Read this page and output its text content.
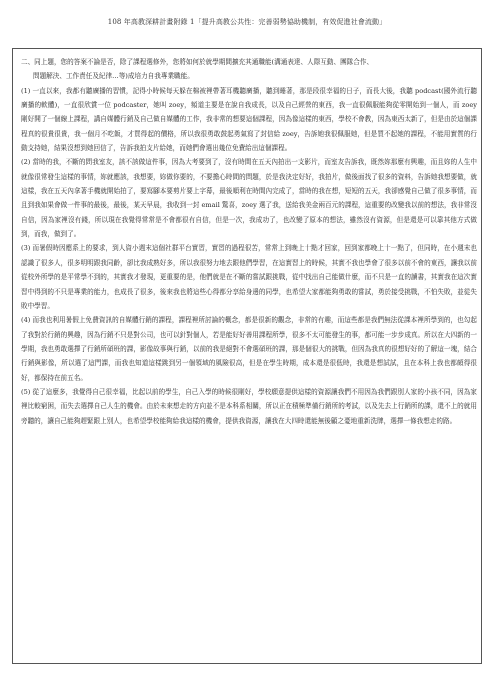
108 年高教深耕計畫附錄 1「提升高教公共性：完善弱勢協助機制，有效促進社會流動」

二、同上題，您的答案不論是否，除了課程選修外，您將如何於就學期間擴充其通職能(溝通表達、人際互動、團隊合作、

問題解決、工作責任及紀律…等)成培力自我專業職能。

(1) 一直以來，我都有聽廣播的習慣，記得小時候每天躲在棉被裡帶著耳機聽廣播，聽到睡著，那是段很幸福的日子，而長大後，我聽 podcast(國外流行聽廣播的軟體)，一直很欣賞一位 podcaster，她叫 zoey，頻道主要是在說自我成長，以及自己經營的東西，我一直很佩服能夠從零開始到一個人，而 zoey 剛好開了一個線上課程，講自媒體行銷及自己做自媒體的工作，我非常的想要這個課程，因為像這樣的東西，學校不會教，因為東西太新了，但是由於這個課程真的很貴很貴，我一個月不吃飯，才買得起的價格，所以我很勇敢鼓起勇氣寫了封信給 zoey，告訴她我很佩服她，但是買不起她的課程，不能用實質的行動支持她，結果沒想到她回信了，告訴我拍支片給她，而她們會選出幾位免費給出這個課程。

(2) 當時的我，不斷的問我室友，該不該做這件事，因為大考要到了，沒有時間在五天內拍出一支影片，而室友告訴我，既然妳那麼有興趣，而且妳的人生中就像很常發生這樣的事情，妳就應該，我想要，妳做你要的，不要擔心時間的問題，於是我決定好好，我拍片，做後面找了很多的資料，告訴她我想要做，就這樣，我在五天內拿著手機就開始拍了，要寫腳本要剪片要上字幕，最後順利在時間內完成了，當時的我在想，短短的五天，我卻感覺自己做了很多事情，而且到我如果會做一件事的最後，最後，某天早晨，我收到一封 email 驚喜，zoey 選了我，送給我美金兩百元的課程，這重要的改變我以前的想法，我非常沒自信，因為家裡沒有錢，所以現在我覺得常常是不會都很有自信，但是一次，我成功了，也改變了原本的想法，雖然沒有資源，但是還是可以靠其他方式做到，而我，做到了。

(3) 而暑假時因應系上的要求，到人資小週末這個社群平台實習，實習的過程很苦，常常上到晚上十點才回家，回到家都晚上十一點了，但同時，在小週末也認識了很多人，很多明明跟我同齡，卻比我成熟好多，所以我很努力地去跟他們學習，在這實習上的時候，其實不我也學會了很多以前不會的東西，讓我以前從校外所學的是平常學不到的，其實我才發現，更重要的是，他們就是在不斷的嘗試跟挑戰，從中找出自己能做什麼，而不只是一直的讀書，其實我在這次實習中得到的不只是專業的能力，也成長了很多，後來我也將這些心得都分享給身邊的同學，也希望大家都能夠勇敢的嘗試，勇於接受挑戰，不怕失敗，並從失敗中學習。

(4) 而我也利用暑假上免費資訊的自媒體行銷的課程，課程裡所討論的概念，都是很新的觀念，非常的有趣，而這些都是我們無法從課本裡所學到的，也勾起了我對於行銷的興趣，因為行銷不只是對公司，也可以針對個人，若是能好好善用課程所學，很多不太可能發生的事，都可能一步步成真。所以在大四新的一學期，我也勇敢選擇了行銷所碩班的課，影像故事與行銷，以前的我是絕對不會選碩班的課，那是個很大的挑戰，但因為我真的很想好好的了解這一塊，結合行銷與影像，所以選了這門課，而我也知道這樣跳到另一個領域的風險很高，但是在學生時期，成本還是很低時，我還是想試試，且在本科上我也都頗得很好，都保持在前五名。

(5) 從了這麼多，我覺得自己很幸福，比起以前的學生，自己入學的時候很剛好，學校願意提供這樣的資源讓我們不用因為我們跟別人家的小孩不同，因為家裡比較窮困，而失去選擇自己人生的機會。由於未來想走的方向並不是本科系相關，所以正在積極準備行銷所的考試，以及先去上行銷所的課，還不上的就用旁聽的，讓自己能夠趕緊跟上別人，也希望學校能夠給我這樣的機會，提供我資源，讓我在大四時還能無後顧之憂地重新洗牌，選擇一條我想走的路。
